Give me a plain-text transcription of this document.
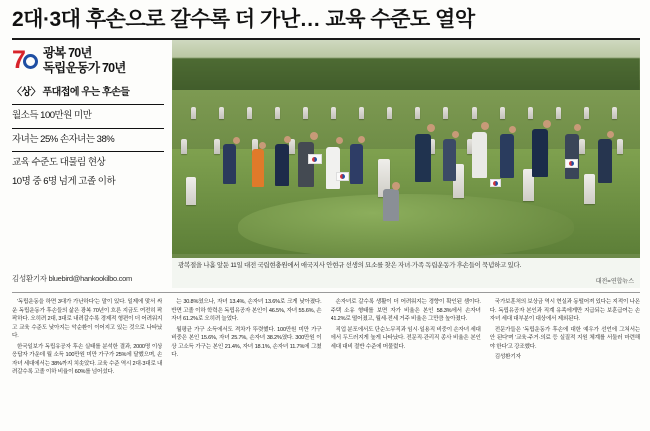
2대·3대 후손으로 갈수록 더 가난… 교육 수준도 열악
7	광복 70년
독립운동가 70년
〈상〉 푸대접에 우는 후손들
월소득 100만원 미만
자녀는 25% 손자녀는 38%
교육 수준도 대물림 현상
10명 중 6명 넘게 고졸 이하
김성환기자 bluebird@hankookilbo.com
광복절을 나흘 앞둔 11일 대전 국립현충원에서 애국지사 안현규 선생의 묘소를 찾은 자녀·가족 독립운동가 후손들이 묵념하고 있다.
대전=연합뉴스

'독립운동을 하면 3대가 가난하다'는 말이 있다. 일제에 맞서 싸운 독립운동가 후손들의 삶은 광복 70년이 흐른 지금도 여전히 팍팍하다. 오히려 2대, 3대로 내려갈수록 경제적 형편이 더 어려워지고 교육 수준도 낮아지는 악순환이 이어지고 있는 것으로 나타났다.

한국일보가 독립유공자 후손 실태를 분석한 결과, 2000명 이상 응답자 가운데 월 소득 100만원 미만 가구가 25%에 달했으며, 손자녀 세대에서는 38%까지 치솟았다. 교육 수준 역시 2대·3대로 내려갈수록 고졸 이하 비율이 60%를 넘어섰다.

는 30.8%였으나, 자녀 13.4%, 손자녀 13.6%로 크게 낮아졌다. 반면 고졸 이하 학력은 독립유공자 본인이 46.5%, 자녀 55.6%, 손자녀 61.2%로 오히려 늘었다.

월평균 가구 소득에서도 격차가 뚜렷했다. 100만원 미만 가구 비중은 본인 15.6%, 자녀 25.7%, 손자녀 38.2%였다. 300만원 이상 고소득 가구는 본인 21.4%, 자녀 18.1%, 손자녀 11.7%에 그쳤다.

손자녀로 갈수록 생활이 더 어려워지는 경향이 확인된 셈이다. 주택 소유 형태를 보면 자가 비율은 본인 58.3%에서 손자녀 41.2%로 떨어졌고, 월세·전세 거주 비율은 그만큼 높아졌다.

직업 분포에서도 단순노무직과 임시·일용직 비중이 손자녀 세대에서 두드러지게 높게 나타났다. 전문직·관리직 종사 비율은 본인 세대 대비 절반 수준에 머물렀다.

국가보훈처의 보상금 역시 현실과 동떨어져 있다는 지적이 나온다. 독립유공자 본인과 직계 유족에게만 지급되는 보훈급여는 손자녀 세대 대부분이 대상에서 제외된다.

전문가들은 '독립운동가 후손에 대한 예우가 선언에 그쳐서는 안 된다'며 '교육·주거·의료 등 실질적 지원 체계를 서둘러 마련해야 한다'고 강조했다.

김성환기자
